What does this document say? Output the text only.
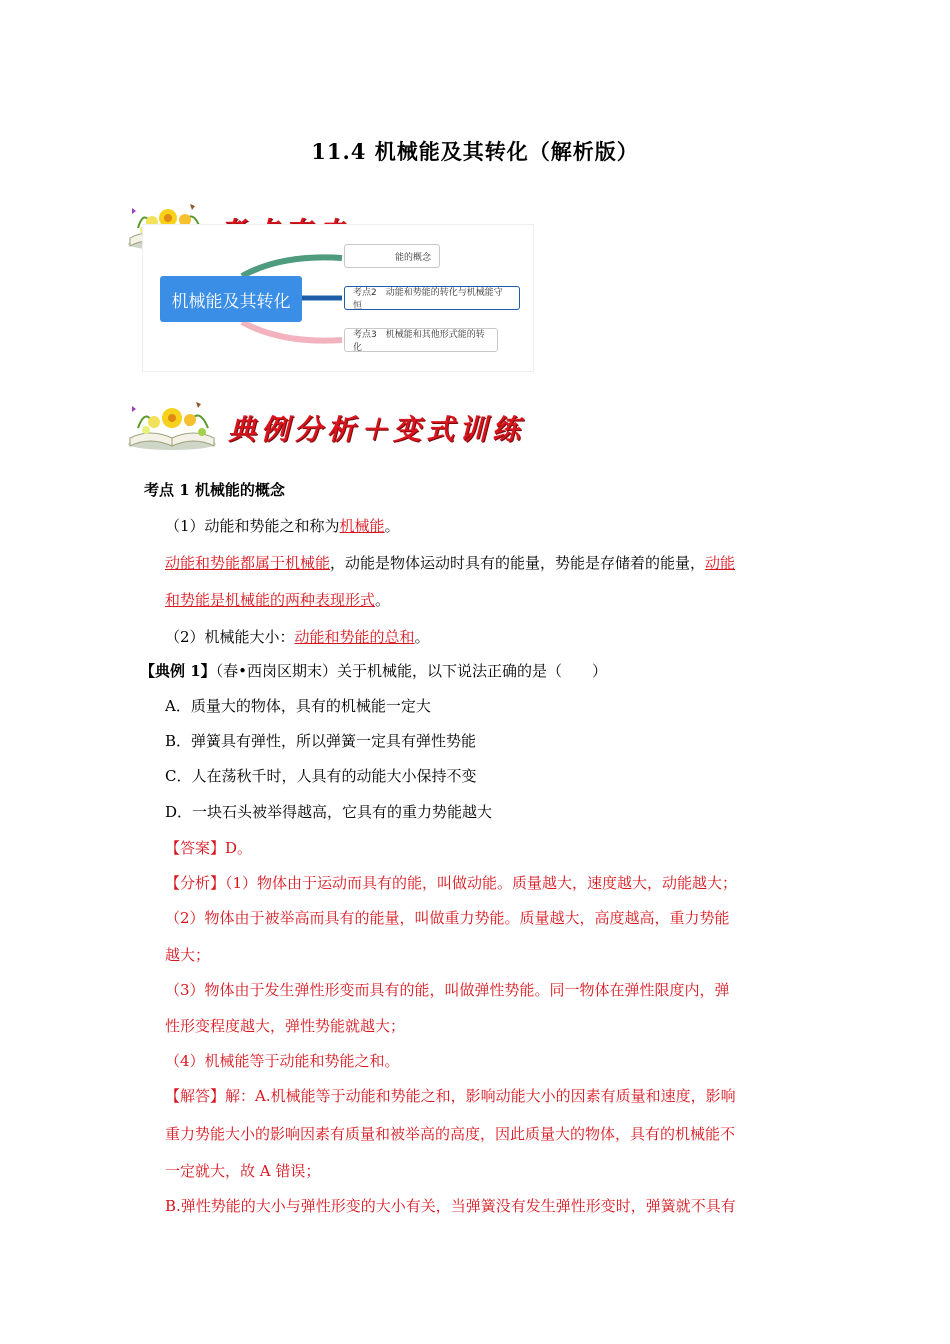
11.4 机械能及其转化（解析版）
机械能及其转化
能的概念
考点2　动能和势能的转化与机械能守恒
考点3　机械能和其他形式能的转化
典例分析＋变式训练
考点 1 机械能的概念
（1）动能和势能之和称为机械能。
动能和势能都属于机械能，动能是物体运动时具有的能量，势能是存储着的能量，动能
和势能是机械能的两种表现形式。
（2）机械能大小：动能和势能的总和。
【典例 1】（春•西岗区期末）关于机械能，以下说法正确的是（　　）
A．质量大的物体，具有的机械能一定大
B．弹簧具有弹性，所以弹簧一定具有弹性势能
C．人在荡秋千时，人具有的动能大小保持不变
D．一块石头被举得越高，它具有的重力势能越大
【答案】D。
【分析】（1）物体由于运动而具有的能，叫做动能。质量越大，速度越大，动能越大；
（2）物体由于被举高而具有的能量，叫做重力势能。质量越大，高度越高，重力势能
越大；
（3）物体由于发生弹性形变而具有的能，叫做弹性势能。同一物体在弹性限度内，弹
性形变程度越大，弹性势能就越大；
（4）机械能等于动能和势能之和。
【解答】解：A.机械能等于动能和势能之和，影响动能大小的因素有质量和速度，影响
重力势能大小的影响因素有质量和被举高的高度，因此质量大的物体，具有的机械能不
一定就大，故 A 错误；
B.弹性势能的大小与弹性形变的大小有关，当弹簧没有发生弹性形变时，弹簧就不具有
